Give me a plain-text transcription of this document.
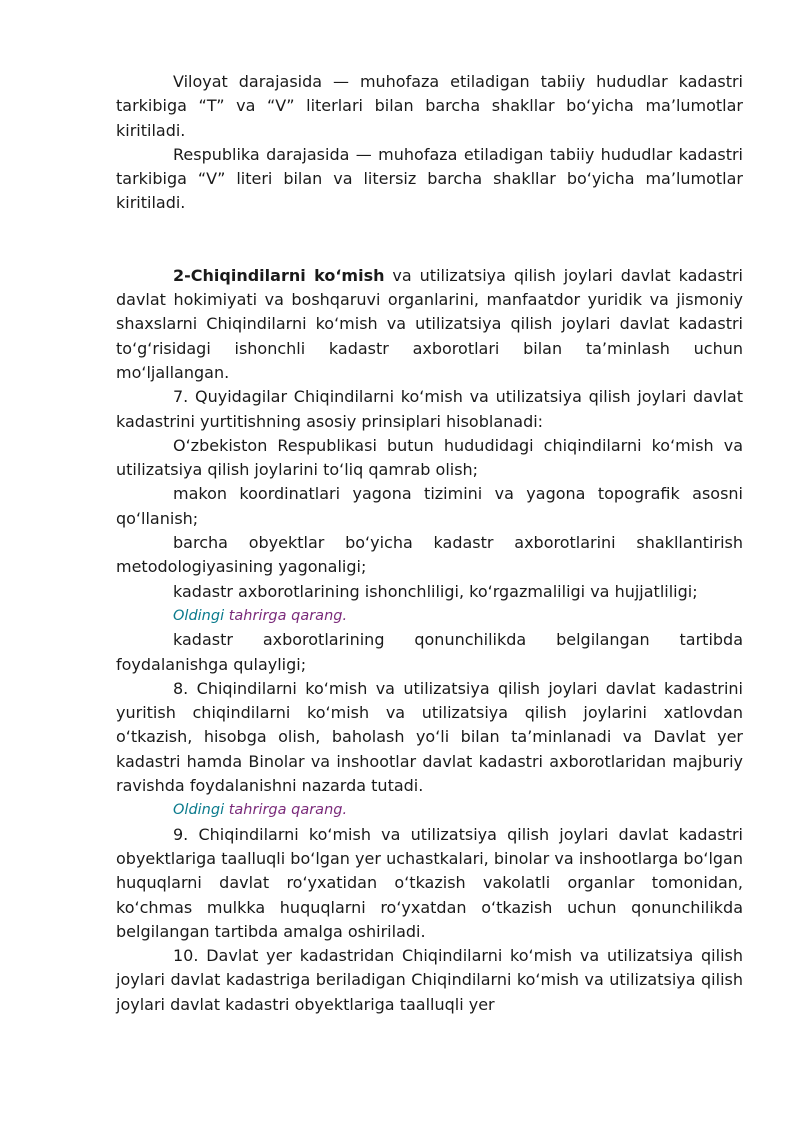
Viloyat darajasida — muhofaza etiladigan tabiiy hududlar kadastri tarkibiga “T” va “V” literlari bilan barcha shakllar bo‘yicha ma’lumotlar kiritiladi.

Respublika darajasida — muhofaza etiladigan tabiiy hududlar kadastri tarkibiga “V” literi bilan va litersiz barcha shakllar bo‘yicha ma’lumotlar kiritiladi.

2-Chiqindilarni ko‘mish va utilizatsiya qilish joylari davlat kadastri davlat hokimiyati va boshqaruvi organlarini, manfaatdor yuridik va jismoniy shaxslarni Chiqindilarni ko‘mish va utilizatsiya qilish joylari davlat kadastri to‘g‘risidagi ishonchli kadastr axborotlari bilan ta’minlash uchun mo‘ljallangan.

7. Quyidagilar Chiqindilarni ko‘mish va utilizatsiya qilish joylari davlat kadastrini yurtitishning asosiy prinsiplari hisoblanadi:

O‘zbekiston Respublikasi butun hududidagi chiqindilarni ko‘mish va utilizatsiya qilish joylarini to‘liq qamrab olish;

makon koordinatlari yagona tizimini va yagona topografik asosni qo‘llanish;

barcha obyektlar bo‘yicha kadastr axborotlarini shakllantirish metodologiyasining yagonaligi;

kadastr axborotlarining ishonchliligi, ko‘rgazmaliligi va hujjatliligi;

Oldingi tahrirga qarang.

kadastr axborotlarining qonunchilikda belgilangan tartibda foydalanishga qulayligi;

8. Chiqindilarni ko‘mish va utilizatsiya qilish joylari davlat kadastrini yuritish chiqindilarni ko‘mish va utilizatsiya qilish joylarini xatlovdan o‘tkazish, hisobga olish, baholash yo‘li bilan ta’minlanadi va Davlat yer kadastri hamda Binolar va inshootlar davlat kadastri axborotlaridan majburiy ravishda foydalanishni nazarda tutadi.

Oldingi tahrirga qarang.

9. Chiqindilarni ko‘mish va utilizatsiya qilish joylari davlat kadastri obyektlariga taalluqli bo‘lgan yer uchastkalari, binolar va inshootlarga bo‘lgan huquqlarni davlat ro‘yxatidan o‘tkazish vakolatli organlar tomonidan, ko‘chmas mulkka huquqlarni ro‘yxatdan o‘tkazish uchun qonunchilikda belgilangan tartibda amalga oshiriladi.

10. Davlat yer kadastridan Chiqindilarni ko‘mish va utilizatsiya qilish joylari davlat kadastriga beriladigan Chiqindilarni ko‘mish va utilizatsiya qilish joylari davlat kadastri obyektlariga taalluqli yer
